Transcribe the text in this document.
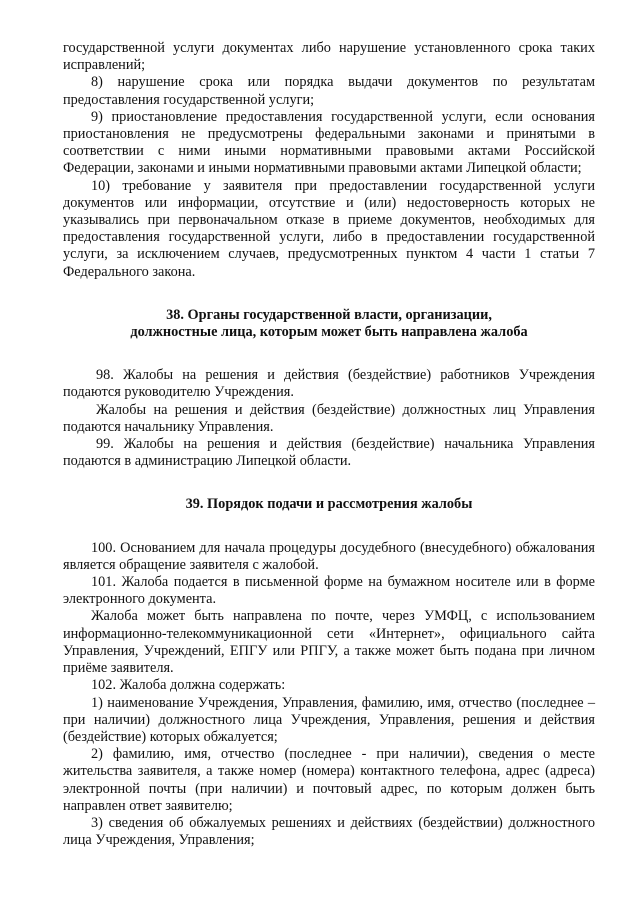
государственной услуги документах либо нарушение установленного срока таких исправлений;

8) нарушение срока или порядка выдачи документов по результатам предоставления государственной услуги;

9) приостановление предоставления государственной услуги, если основания приостановления не предусмотрены федеральными законами и принятыми в соответствии с ними иными нормативными правовыми актами Российской Федерации, законами и иными нормативными правовыми актами Липецкой области;

10) требование у заявителя при предоставлении государственной услуги документов или информации, отсутствие и (или) недостоверность которых не указывались при первоначальном отказе в приеме документов, необходимых для предоставления государственной услуги, либо в предоставлении государственной услуги, за исключением случаев, предусмотренных пунктом 4 части 1 статьи 7 Федерального закона.

38. Органы государственной власти, организации,

должностные лица, которым может быть направлена жалоба

98. Жалобы на решения и действия (бездействие) работников Учреждения подаются руководителю Учреждения.

Жалобы на решения и действия (бездействие) должностных лиц Управления подаются начальнику Управления.

99. Жалобы на решения и действия (бездействие) начальника Управления подаются в администрацию Липецкой области.

39. Порядок подачи и рассмотрения жалобы

100. Основанием для начала процедуры досудебного (внесудебного) обжалования является обращение заявителя с жалобой.

101. Жалоба подается в письменной форме на бумажном носителе или в форме электронного документа.

Жалоба может быть направлена по почте, через УМФЦ, с использованием информационно-телекоммуникационной сети «Интернет», официального сайта Управления, Учреждений, ЕПГУ или РПГУ, а также может быть подана при личном приёме заявителя.

102. Жалоба должна содержать:

1) наименование Учреждения, Управления, фамилию, имя, отчество (последнее – при наличии) должностного лица Учреждения, Управления, решения и действия (бездействие) которых обжалуется;

2) фамилию, имя, отчество (последнее - при наличии), сведения о месте жительства заявителя, а также номер (номера) контактного телефона, адрес (адреса) электронной почты (при наличии) и почтовый адрес, по которым должен быть направлен ответ заявителю;

3) сведения об обжалуемых решениях и действиях (бездействии) должностного лица Учреждения, Управления;
